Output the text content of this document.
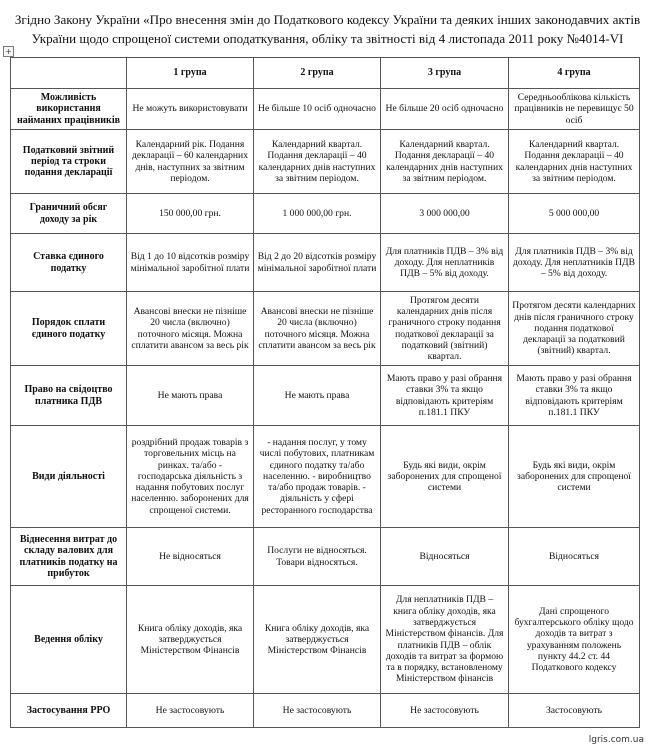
Згідно Закону України «Про внесення змін до Податкового кодексу України та деяких інших законодавчих актів України щодо спрощеної системи оподаткування, обліку та звітності від 4 листопада 2011 року №4014-VI
+
	1 група	2 група	3 група	4 група
Можливість використання найманих працівників	Не можуть використовувати	Не більше 10 осіб одночасно	Не більше 20 осіб одночасно	Середньооблікова кількість працівників не перевищує 50 осіб
Податковий звітний період та строки подання декларації	Календарний рік. Подання декларації – 60 календарних днів, наступних за звітним періодом.	Календарний квартал. Подання декларації – 40 календарних днів наступних за звітним періодом.	Календарний квартал. Подання декларації – 40 календарних днів наступних за звітним періодом.	Календарний квартал. Подання декларації – 40 календарних днів наступних за звітним періодом.
Граничний обсяг доходу за рік	150 000,00 грн.	1 000 000,00 грн.	3 000 000,00	5 000 000,00
Ставка єдиного податку	Від 1 до 10 відсотків розміру мінімальної заробітної плати	Від 2 до 20 відсотків розміру мінімальної заробітної плати	Для платників ПДВ – 3% від доходу. Для неплатників ПДВ – 5% від доходу.	Для платників ПДВ – 3% від доходу. Для неплатників ПДВ – 5% від доходу.
Порядок сплати єдиного податку	Авансові внески не пізніше 20 числа (включно) поточного місяця. Можна сплатити авансом за весь рік	Авансові внески не пізніше 20 числа (включно) поточного місяця. Можна сплатити авансом за весь рік	Протягом десяти календарних днів після граничного строку подання податкової декларації за податковий (звітний) квартал.	Протягом десяти календарних днів після граничного строку подання податкової декларації за податковий (звітний) квартал.
Право на свідоцтво платника ПДВ	Не мають права	Не мають права	Мають право у разі обрання ставки 3% та якщо відповідають критеріям п.181.1 ПКУ	Мають право у разі обрання ставки 3% та якщо відповідають критеріям п.181.1 ПКУ
Види діяльності	роздрібний продаж товарів з торговельних місць на ринках. та/або - господарська діяльність з надання побутових послуг населенню. заборонених для спрощеної системи.	- надання послуг, у тому числі побутових, платникам єдиного податку та/або населенню. - виробництво та/або продаж товарів. - діяльність у сфері ресторанного господарства	Будь які види, окрім заборонених для спрощеної системи	Будь які види, окрім заборонених для спрощеної системи
Віднесення витрат до складу валових для платників податку на прибуток	Не відносяться	Послуги не відносяться. Товари відносяться.	Відносяться	Відносяться
Ведення обліку	Книга обліку доходів, яка затверджується Міністерством Фінансів	Книга обліку доходів, яка затверджується Міністерством Фінансів	Для неплатників ПДВ – книга обліку доходів, яка затверджується Міністерством фінансів. Для платників ПДВ – облік доходів та витрат за формою та в порядку, встановленому Міністерством фінансів	Дані спрощеного бухгалтерського обліку щодо доходів та витрат з урахуванням положень пункту 44.2 ст. 44 Податкового кодексу
Застосування РРО	Не застосовують	Не застосовують	Не застосовують	Застосовують
lgris.com.ua
